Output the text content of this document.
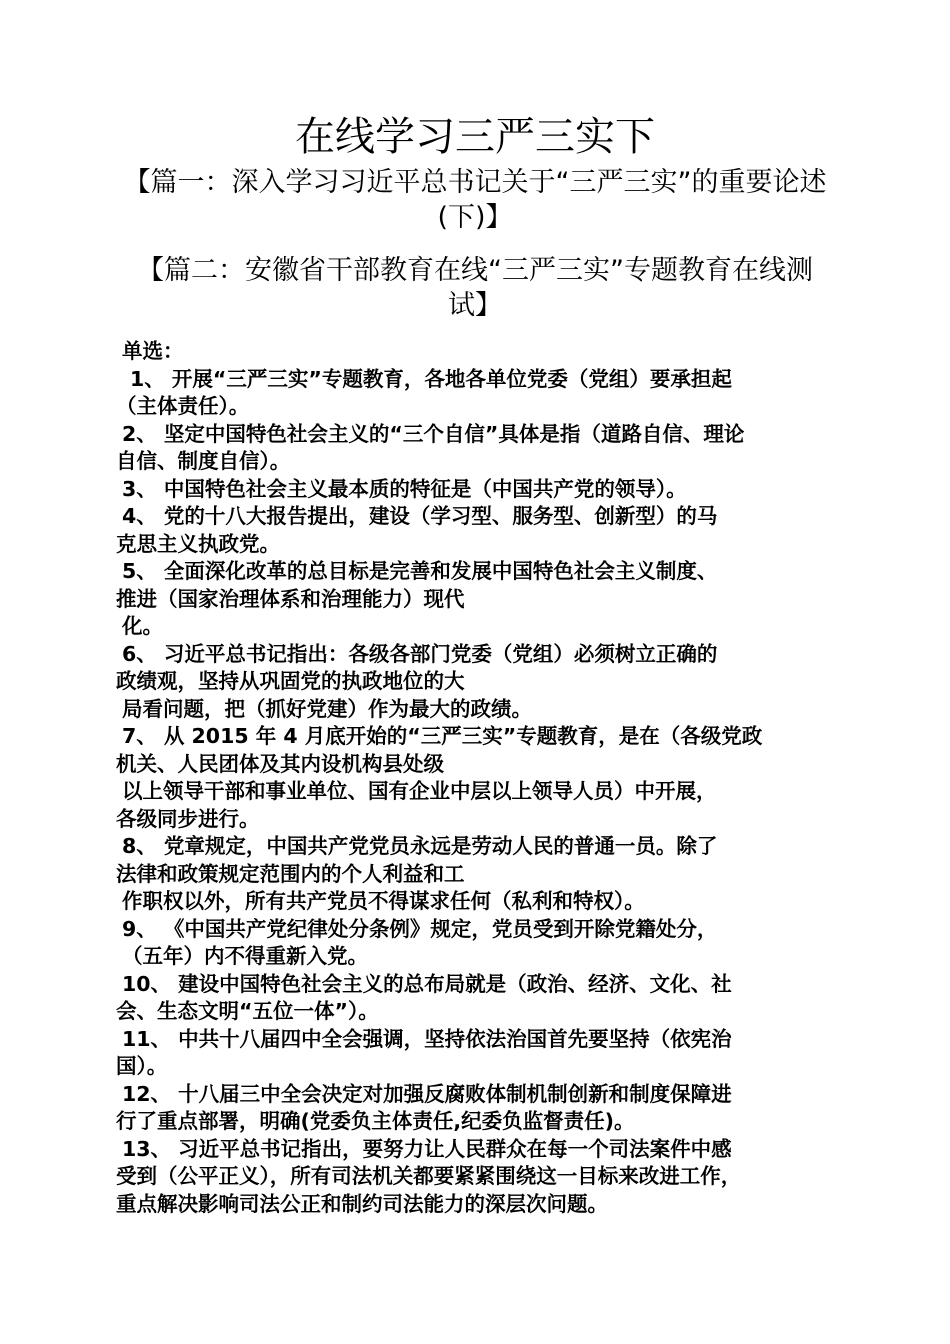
在线学习三严三实下

【篇一：深入学习习近平总书记关于“三严三实”的重要论述(下)】

【篇二：安徽省干部教育在线“三严三实”专题教育在线测试】

单选：
1、 开展“三严三实”专题教育，各地各单位党委（党组）要承担起
（主体责任）。
2、 坚定中国特色社会主义的“三个自信”具体是指（道路自信、理论
自信、制度自信）。
3、 中国特色社会主义最本质的特征是（中国共产党的领导）。
4、 党的十八大报告提出，建设（学习型、服务型、创新型）的马
克思主义执政党。
5、 全面深化改革的总目标是完善和发展中国特色社会主义制度、
推进（国家治理体系和治理能力）现代
化。
6、 习近平总书记指出：各级各部门党委（党组）必须树立正确的
政绩观，坚持从巩固党的执政地位的大
局看问题，把（抓好党建）作为最大的政绩。
7、 从 2015 年 4 月底开始的“三严三实”专题教育，是在（各级党政
机关、人民团体及其内设机构县处级
以上领导干部和事业单位、国有企业中层以上领导人员）中开展，
各级同步进行。
8、 党章规定，中国共产党党员永远是劳动人民的普通一员。除了
法律和政策规定范围内的个人利益和工
作职权以外，所有共产党员不得谋求任何（私利和特权）。
9、 《中国共产党纪律处分条例》规定，党员受到开除党籍处分，
（五年）内不得重新入党。
10、 建设中国特色社会主义的总布局就是（政治、经济、文化、社
会、生态文明“五位一体”）。
11、 中共十八届四中全会强调，坚持依法治国首先要坚持（依宪治
国）。
12、 十八届三中全会决定对加强反腐败体制机制创新和制度保障进
行了重点部署，明确(党委负主体责任,纪委负监督责任)。
13、 习近平总书记指出，要努力让人民群众在每一个司法案件中感
受到（公平正义），所有司法机关都要紧紧围绕这一目标来改进工作，
重点解决影响司法公正和制约司法能力的深层次问题。
